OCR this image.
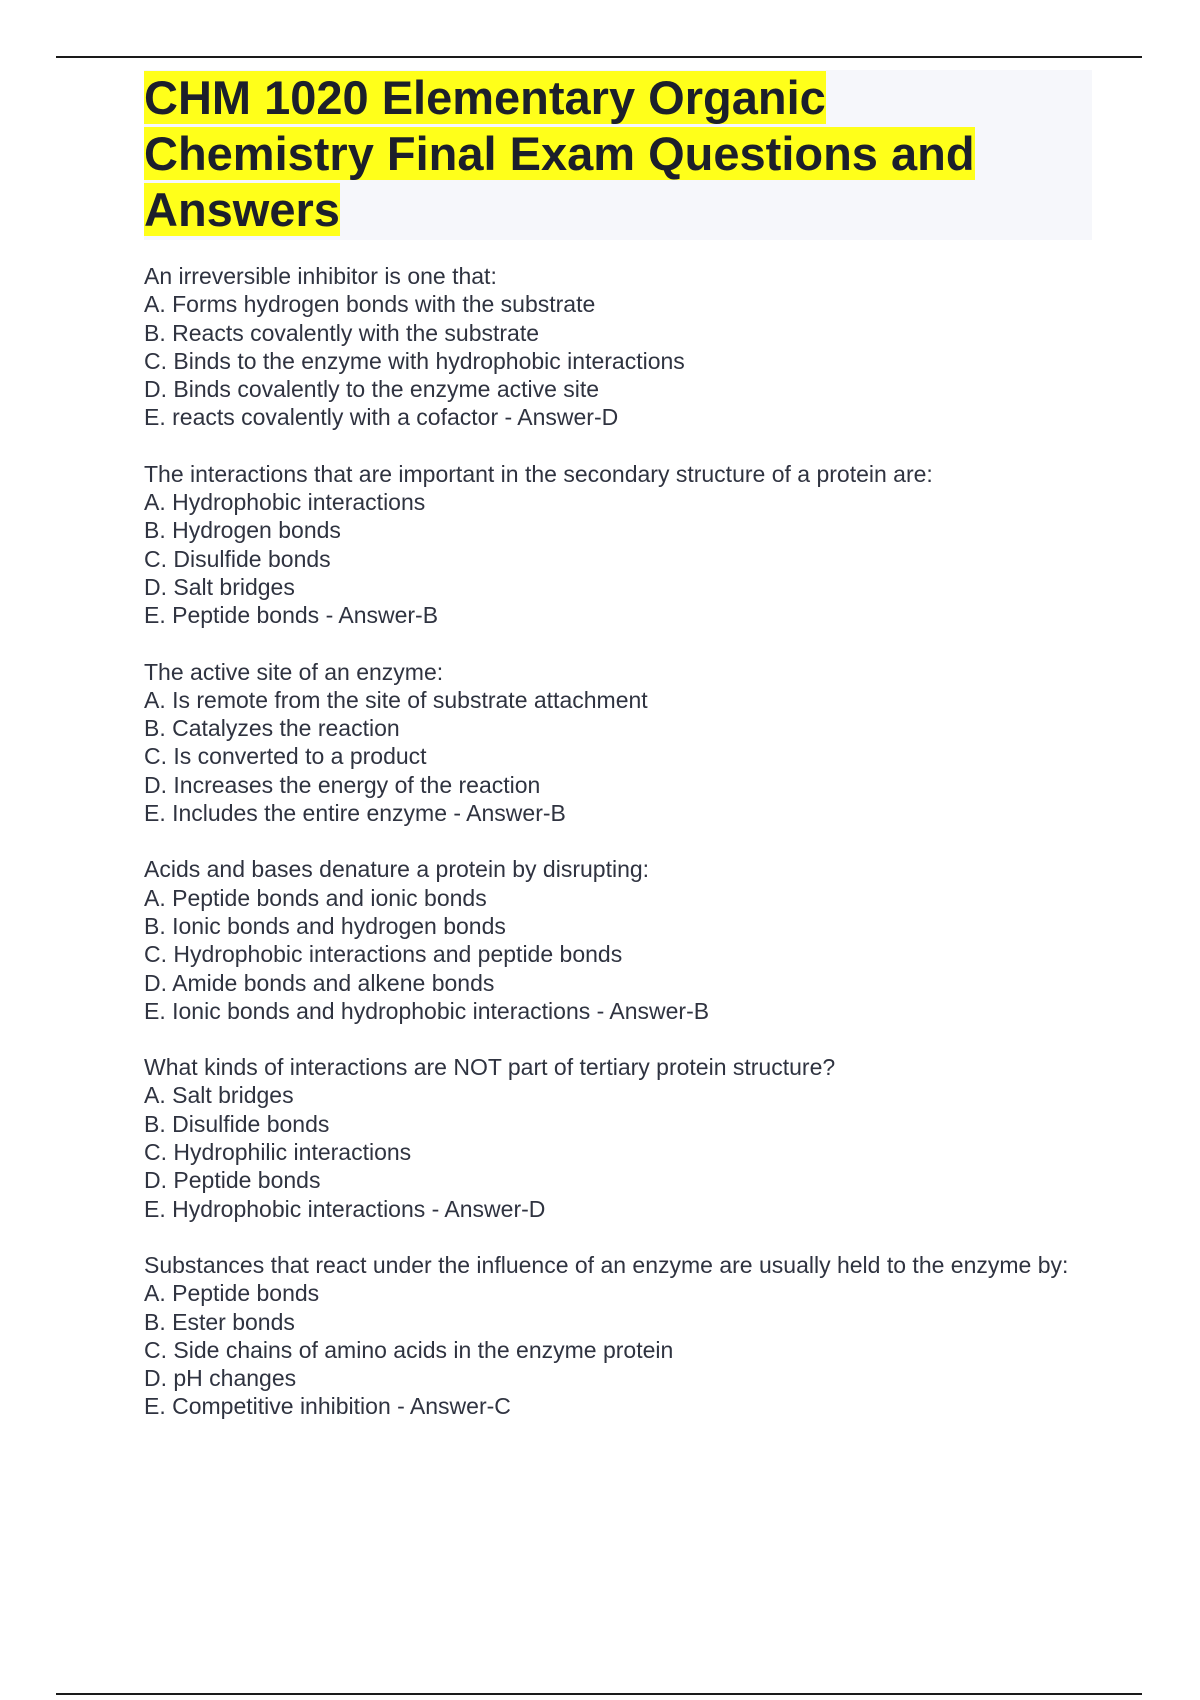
CHM 1020 Elementary Organic Chemistry Final Exam Questions and Answers
An irreversible inhibitor is one that:
A. Forms hydrogen bonds with the substrate
B. Reacts covalently with the substrate
C. Binds to the enzyme with hydrophobic interactions
D. Binds covalently to the enzyme active site
E. reacts covalently with a cofactor - Answer-D
The interactions that are important in the secondary structure of a protein are:
A. Hydrophobic interactions
B. Hydrogen bonds
C. Disulfide bonds
D. Salt bridges
E. Peptide bonds - Answer-B
The active site of an enzyme:
A. Is remote from the site of substrate attachment
B. Catalyzes the reaction
C. Is converted to a product
D. Increases the energy of the reaction
E. Includes the entire enzyme - Answer-B
Acids and bases denature a protein by disrupting:
A. Peptide bonds and ionic bonds
B. Ionic bonds and hydrogen bonds
C. Hydrophobic interactions and peptide bonds
D. Amide bonds and alkene bonds
E. Ionic bonds and hydrophobic interactions - Answer-B
What kinds of interactions are NOT part of tertiary protein structure?
A. Salt bridges
B. Disulfide bonds
C. Hydrophilic interactions
D. Peptide bonds
E. Hydrophobic interactions - Answer-D
Substances that react under the influence of an enzyme are usually held to the enzyme by:
A. Peptide bonds
B. Ester bonds
C. Side chains of amino acids in the enzyme protein
D. pH changes
E. Competitive inhibition - Answer-C
